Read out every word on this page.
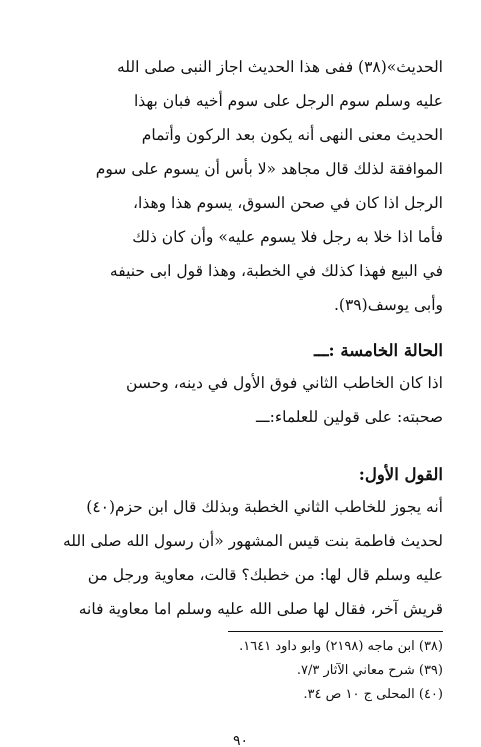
الحديث»(٣٨) ففى هذا الحديث اجاز النبى صلى الله
عليه وسلم سوم الرجل على سوم أخيه فبان بهذا
الحديث معنى النهى أنه يكون بعد الركون وأتمام
الموافقة لذلك قال مجاهد «لا بأس أن يسوم على سوم
الرجل اذا كان في صحن السوق، يسوم هذا وهذا،
فأما اذا خلا به رجل فلا يسوم عليه» وأن كان ذلك
في البيع فهذا كذلك في الخطبة، وهذا قول ابى حنيفه
وأبى يوسف(٣٩).
الحالة الخامسة :ـــ
اذا كان الخاطب الثاني فوق الأول في دينه، وحسن
صحبته: على قولين للعلماء:ـــ
القول الأول:
أنه يجوز للخاطب الثاني الخطبة وبذلك قال ابن حزم(٤٠)
لحديث فاطمة بنت قيس المشهور «أن رسول الله صلى الله
عليه وسلم قال لها: من خطبك؟ قالت، معاوية ورجل من
قريش آخر، فقال لها صلى الله عليه وسلم اما معاوية فانه
(٣٨) ابن ماجه (٢١٩٨) وابو داود ١٦٤١.
(٣٩) شرح معاني الآثار ٧/٣.
(٤٠) المحلى ج ١٠ ص ٣٤.
٩٠
